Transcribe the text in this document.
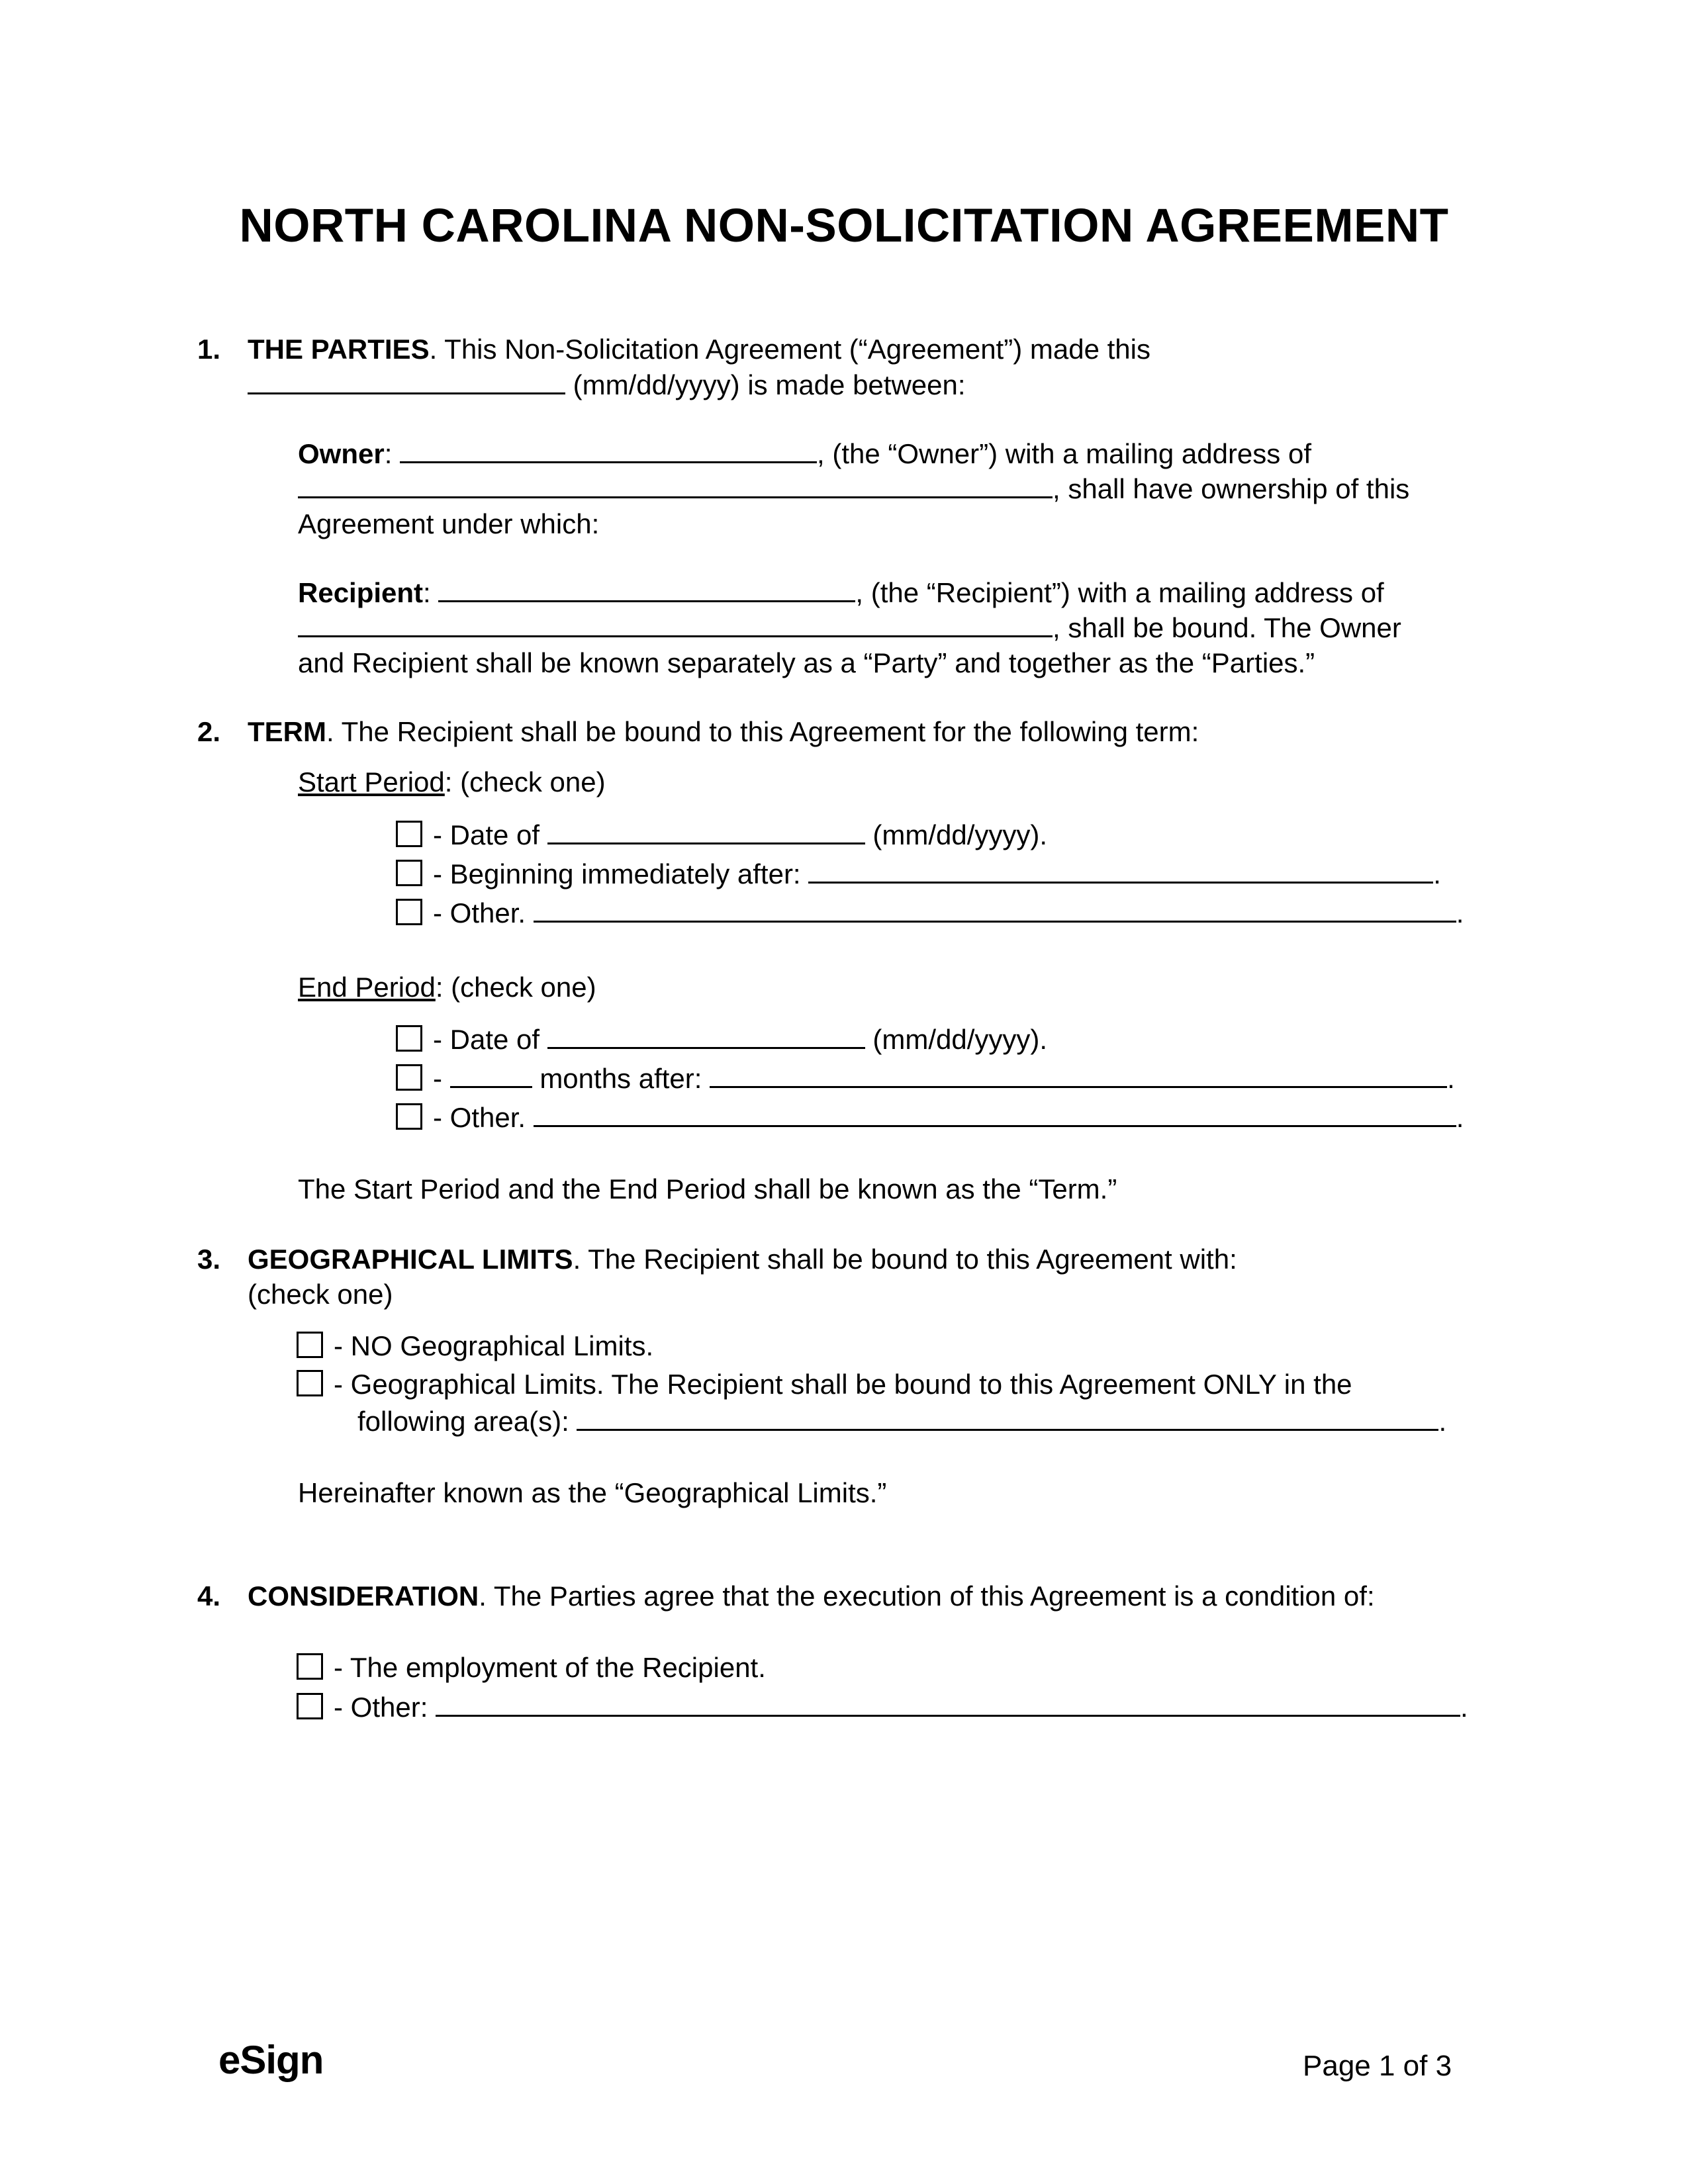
NORTH CAROLINA NON-SOLICITATION AGREEMENT
1. THE PARTIES. This Non-Solicitation Agreement (“Agreement”) made this
(mm/dd/yyyy) is made between:
Owner:	, (the “Owner”) with a mailing address of
, shall have ownership of this
Agreement under which:
Recipient:	, (the “Recipient”) with a mailing address of
, shall be bound. The Owner
and Recipient shall be known separately as a “Party” and together as the “Parties.”
2. TERM. The Recipient shall be bound to this Agreement for the following term:
Start Period: (check one)
- Date of	(mm/dd/yyyy).
- Beginning immediately after:	.
- Other.	.
End Period: (check one)
- Date of	(mm/dd/yyyy).
-	months after:	.
- Other.	.
The Start Period and the End Period shall be known as the “Term.”
3. GEOGRAPHICAL LIMITS. The Recipient shall be bound to this Agreement with:
(check one)
- NO Geographical Limits.
- Geographical Limits. The Recipient shall be bound to this Agreement ONLY in the
following area(s):	.
Hereinafter known as the “Geographical Limits.”
4. CONSIDERATION. The Parties agree that the execution of this Agreement is a condition of:
- The employment of the Recipient.
- Other:	.
eSign	Page 1 of 3
